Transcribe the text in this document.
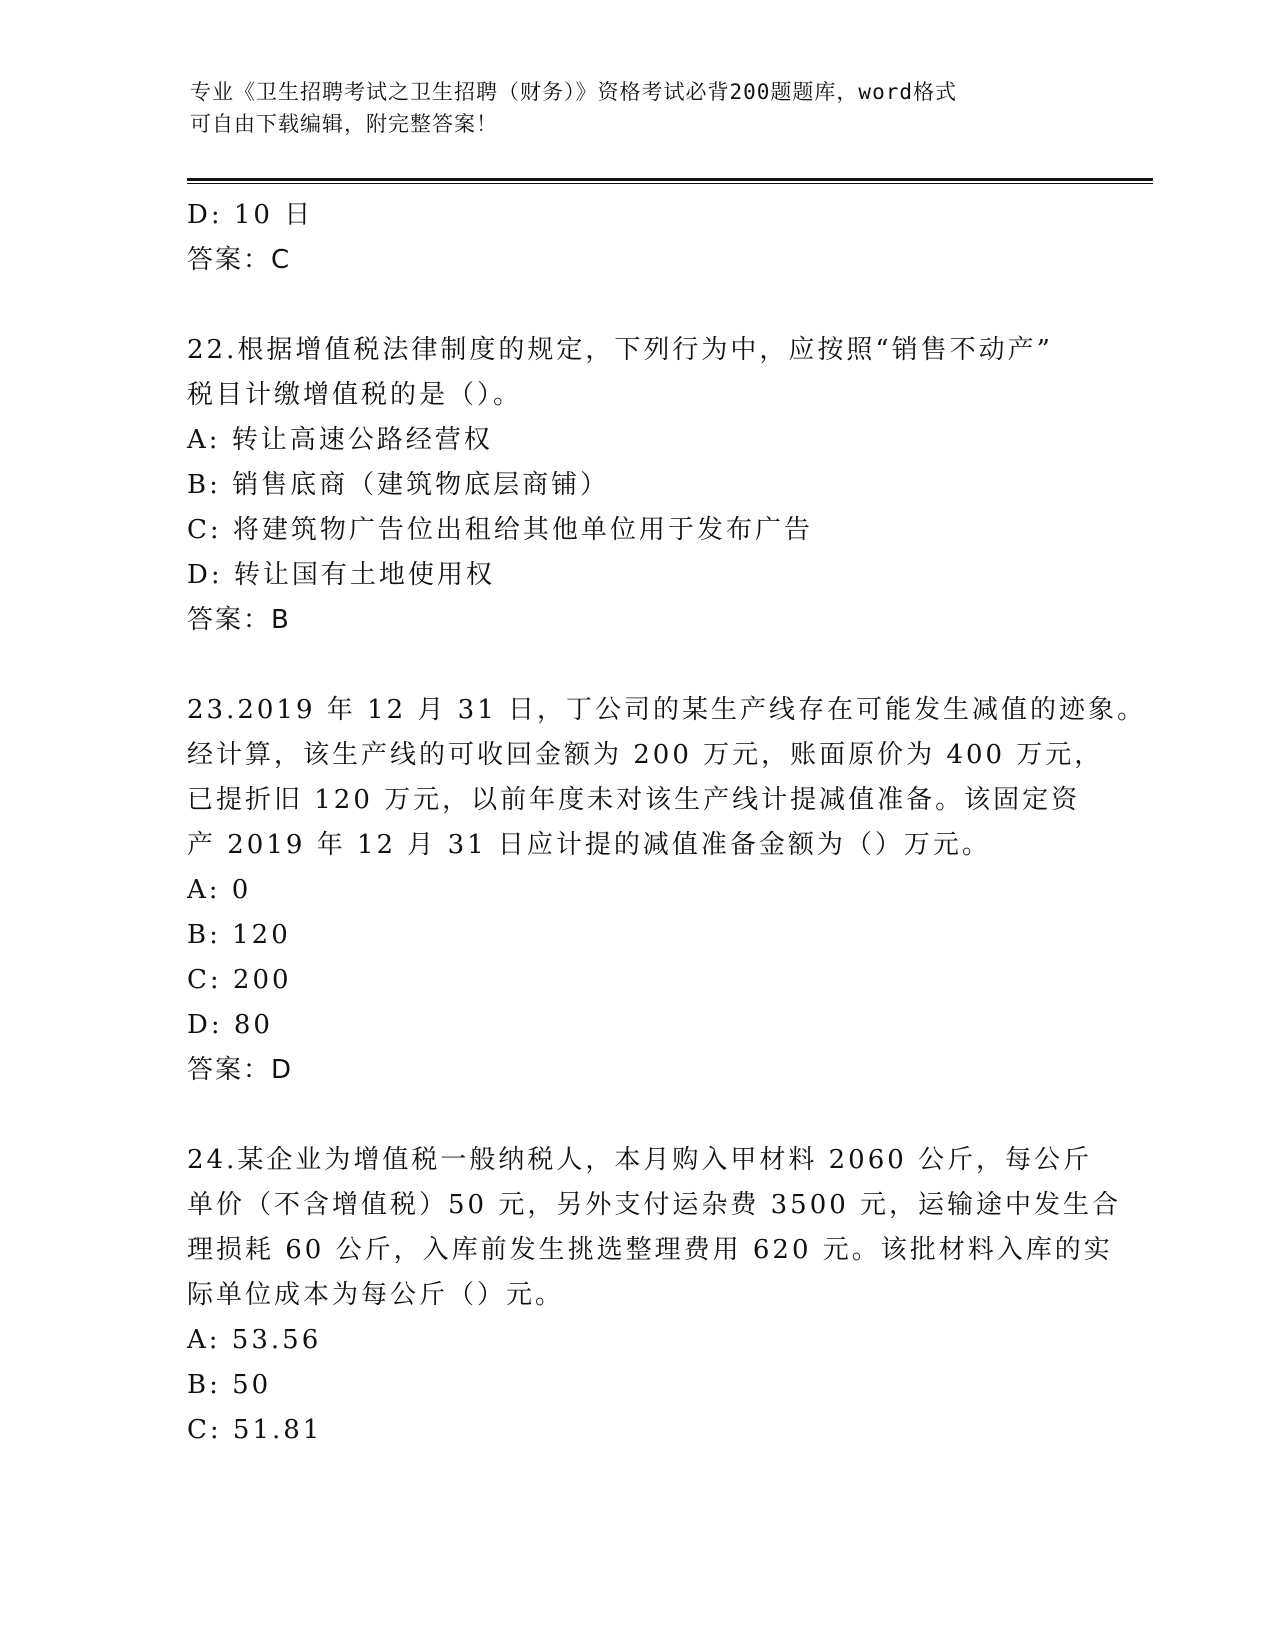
专业《卫生招聘考试之卫生招聘（财务）》资格考试必背200题题库，word格式
可自由下载编辑，附完整答案！
D: 10 日
答案：C
22.根据增值税法律制度的规定，下列行为中，应按照“销售不动产”
税目计缴增值税的是（）。
A: 转让高速公路经营权
B: 销售底商（建筑物底层商铺）
C: 将建筑物广告位出租给其他单位用于发布广告
D: 转让国有土地使用权
答案：B
23.2019 年 12 月 31 日，丁公司的某生产线存在可能发生减值的迹象。
经计算，该生产线的可收回金额为 200 万元，账面原价为 400 万元，
已提折旧 120 万元，以前年度未对该生产线计提减值准备。该固定资
产 2019 年 12 月 31 日应计提的减值准备金额为（）万元。
A: 0
B: 120
C: 200
D: 80
答案：D
24.某企业为增值税一般纳税人，本月购入甲材料 2060 公斤，每公斤
单价（不含增值税）50 元，另外支付运杂费 3500 元，运输途中发生合
理损耗 60 公斤，入库前发生挑选整理费用 620 元。该批材料入库的实
际单位成本为每公斤（）元。
A: 53.56
B: 50
C: 51.81
